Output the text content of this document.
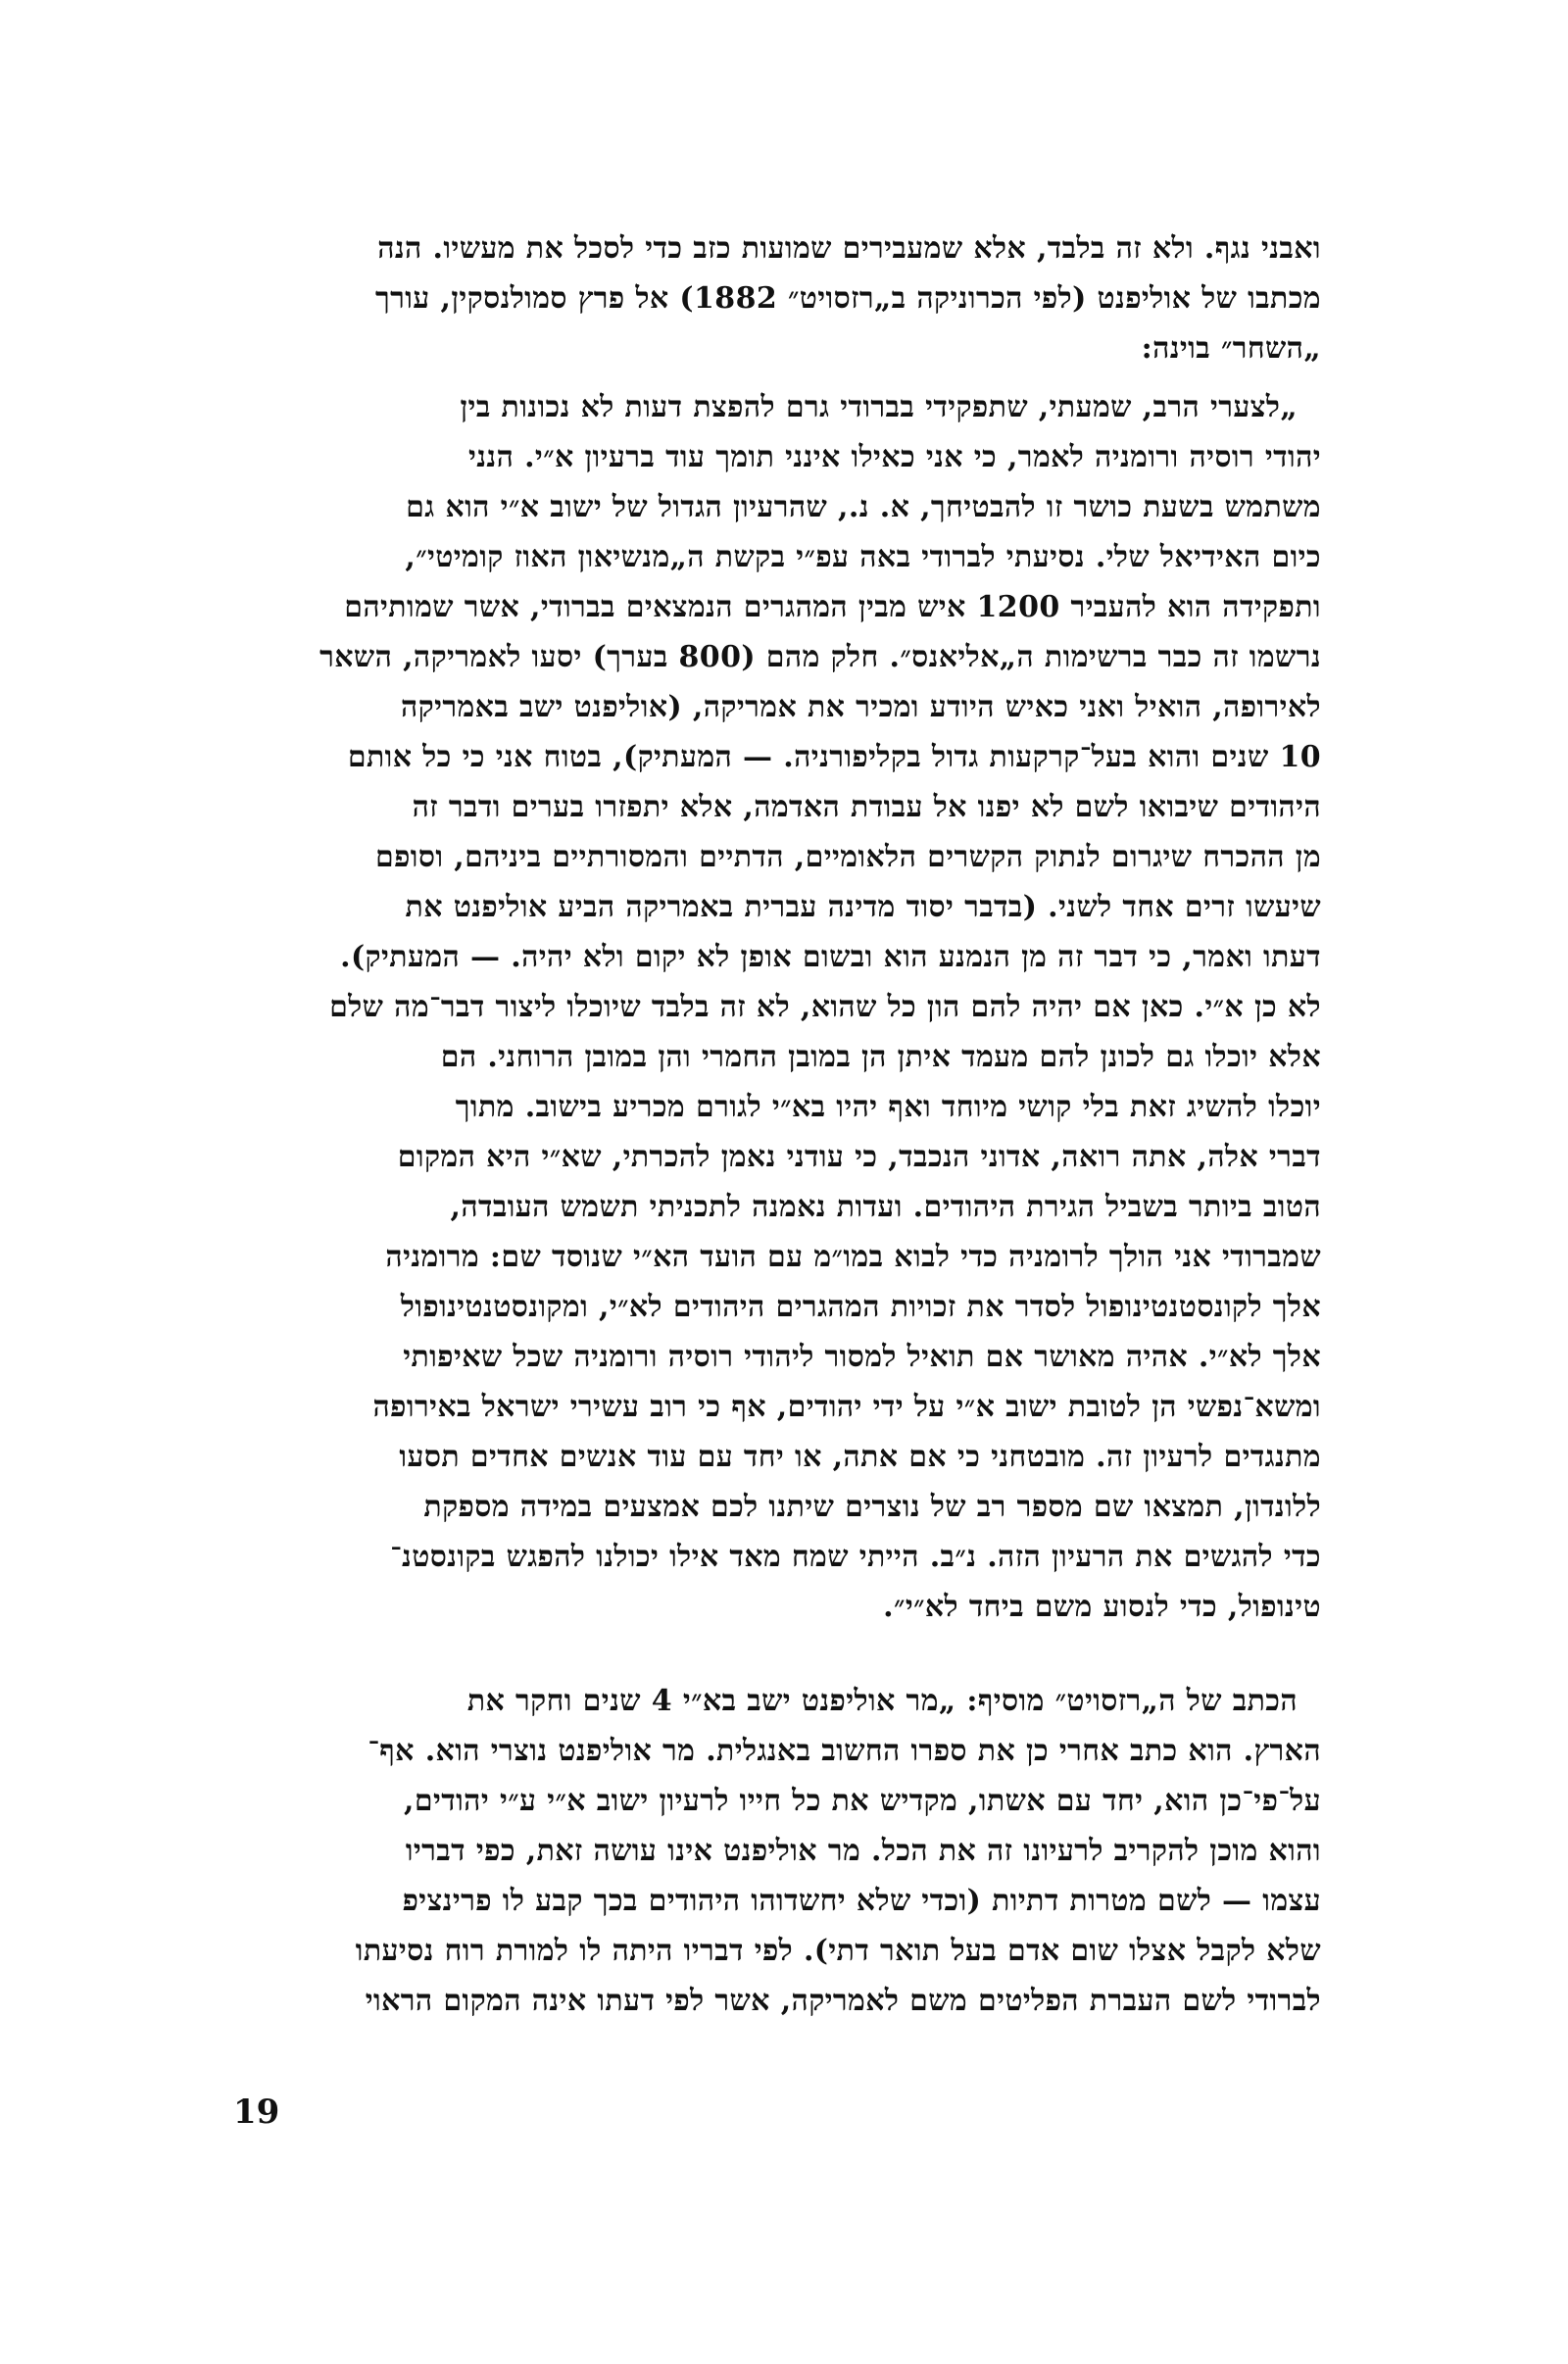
ואבני נגף. ולא זה בלבד, אלא שמעבירים שמועות כזב כדי לסכל את מעשיו. הנה
מכתבו של אוליפנט (לפי הכרוניקה ב„רזסויט״ 1882) אל פרץ סמולנסקין, עורך
„השחר״ בוינה:
„לצערי הרב, שמעתי, שתפקידי בברודי גרם להפצת דעות לא נכונות בין
יהודי רוסיה ורומניה לאמר, כי אני כאילו אינני תומך עוד ברעיון א״י. הנני
משתמש בשעת כושר זו להבטיחך, א. נ., שהרעיון הגדול של ישוב א״י הוא גם
כיום האידיאל שלי. נסיעתי לברודי באה עפ״י בקשת ה„מנשיאון האוז קומיטי״,
ותפקידה הוא להעביר 1200 איש מבין המהגרים הנמצאים בברודי, אשר שמותיהם
נרשמו זה כבר ברשימות ה„אליאנס״. חלק מהם (800 בערך) יסעו לאמריקה, השאר
לאירופה, הואיל ואני כאיש היודע ומכיר את אמריקה, (אוליפנט ישב באמריקה
10 שנים והוא בעל־קרקעות גדול בקליפורניה. — המעתיק), בטוח אני כי כל אותם
היהודים שיבואו לשם לא יפנו אל עבודת האדמה, אלא יתפזרו בערים ודבר זה
מן ההכרח שיגרום לנתוק הקשרים הלאומיים, הדתיים והמסורתיים ביניהם, וסופם
שיעשו זרים אחד לשני. (בדבר יסוד מדינה עברית באמריקה הביע אוליפנט את
דעתו ואמר, כי דבר זה מן הנמנע הוא ובשום אופן לא יקום ולא יהיה. — המעתיק).
לא כן א״י. כאן אם יהיה להם הון כל שהוא, לא זה בלבד שיוכלו ליצור דבר־מה שלם
אלא יוכלו גם לכונן להם מעמד איתן הן במובן החמרי והן במובן הרוחני. הם
יוכלו להשיג זאת בלי קושי מיוחד ואף יהיו בא״י לגורם מכריע בישוב. מתוך
דברי אלה, אתה רואה, אדוני הנכבד, כי עודני נאמן להכרתי, שא״י היא המקום
הטוב ביותר בשביל הגירת היהודים. ועדות נאמנה לתכניתי תשמש העובדה,
שמברודי אני הולך לרומניה כדי לבוא במו״מ עם הועד הא״י שנוסד שם: מרומניה
אלך לקונסטנטינופול לסדר את זכויות המהגרים היהודים לא״י, ומקונסטנטינופול
אלך לא״י. אהיה מאושר אם תואיל למסור ליהודי רוסיה ורומניה שכל שאיפותי
ומשא־נפשי הן לטובת ישוב א״י על ידי יהודים, אף כי רוב עשירי ישראל באירופה
מתנגדים לרעיון זה. מובטחני כי אם אתה, או יחד עם עוד אנשים אחדים תסעו
ללונדון, תמצאו שם מספר רב של נוצרים שיתנו לכם אמצעים במידה מספקת
כדי להגשים את הרעיון הזה. נ״ב. הייתי שמח מאד אילו יכולנו להפגש בקונסטנ־
טינופול, כדי לנסוע משם ביחד לא״י״.
הכתב של ה„רזסויט״ מוסיף: „מר אוליפנט ישב בא״י 4 שנים וחקר את
הארץ. הוא כתב אחרי כן את ספרו החשוב באנגלית. מר אוליפנט נוצרי הוא. אף־
על־פי־כן הוא, יחד עם אשתו, מקדיש את כל חייו לרעיון ישוב א״י ע״י יהודים,
והוא מוכן להקריב לרעיונו זה את הכל. מר אוליפנט אינו עושה זאת, כפי דבריו
עצמו — לשם מטרות דתיות (וכדי שלא יחשדוהו היהודים בכך קבע לו פרינציפ
שלא לקבל אצלו שום אדם בעל תואר דתי). לפי דבריו היתה לו למורת רוח נסיעתו
לברודי לשם העברת הפליטים משם לאמריקה, אשר לפי דעתו אינה המקום הראוי
19
